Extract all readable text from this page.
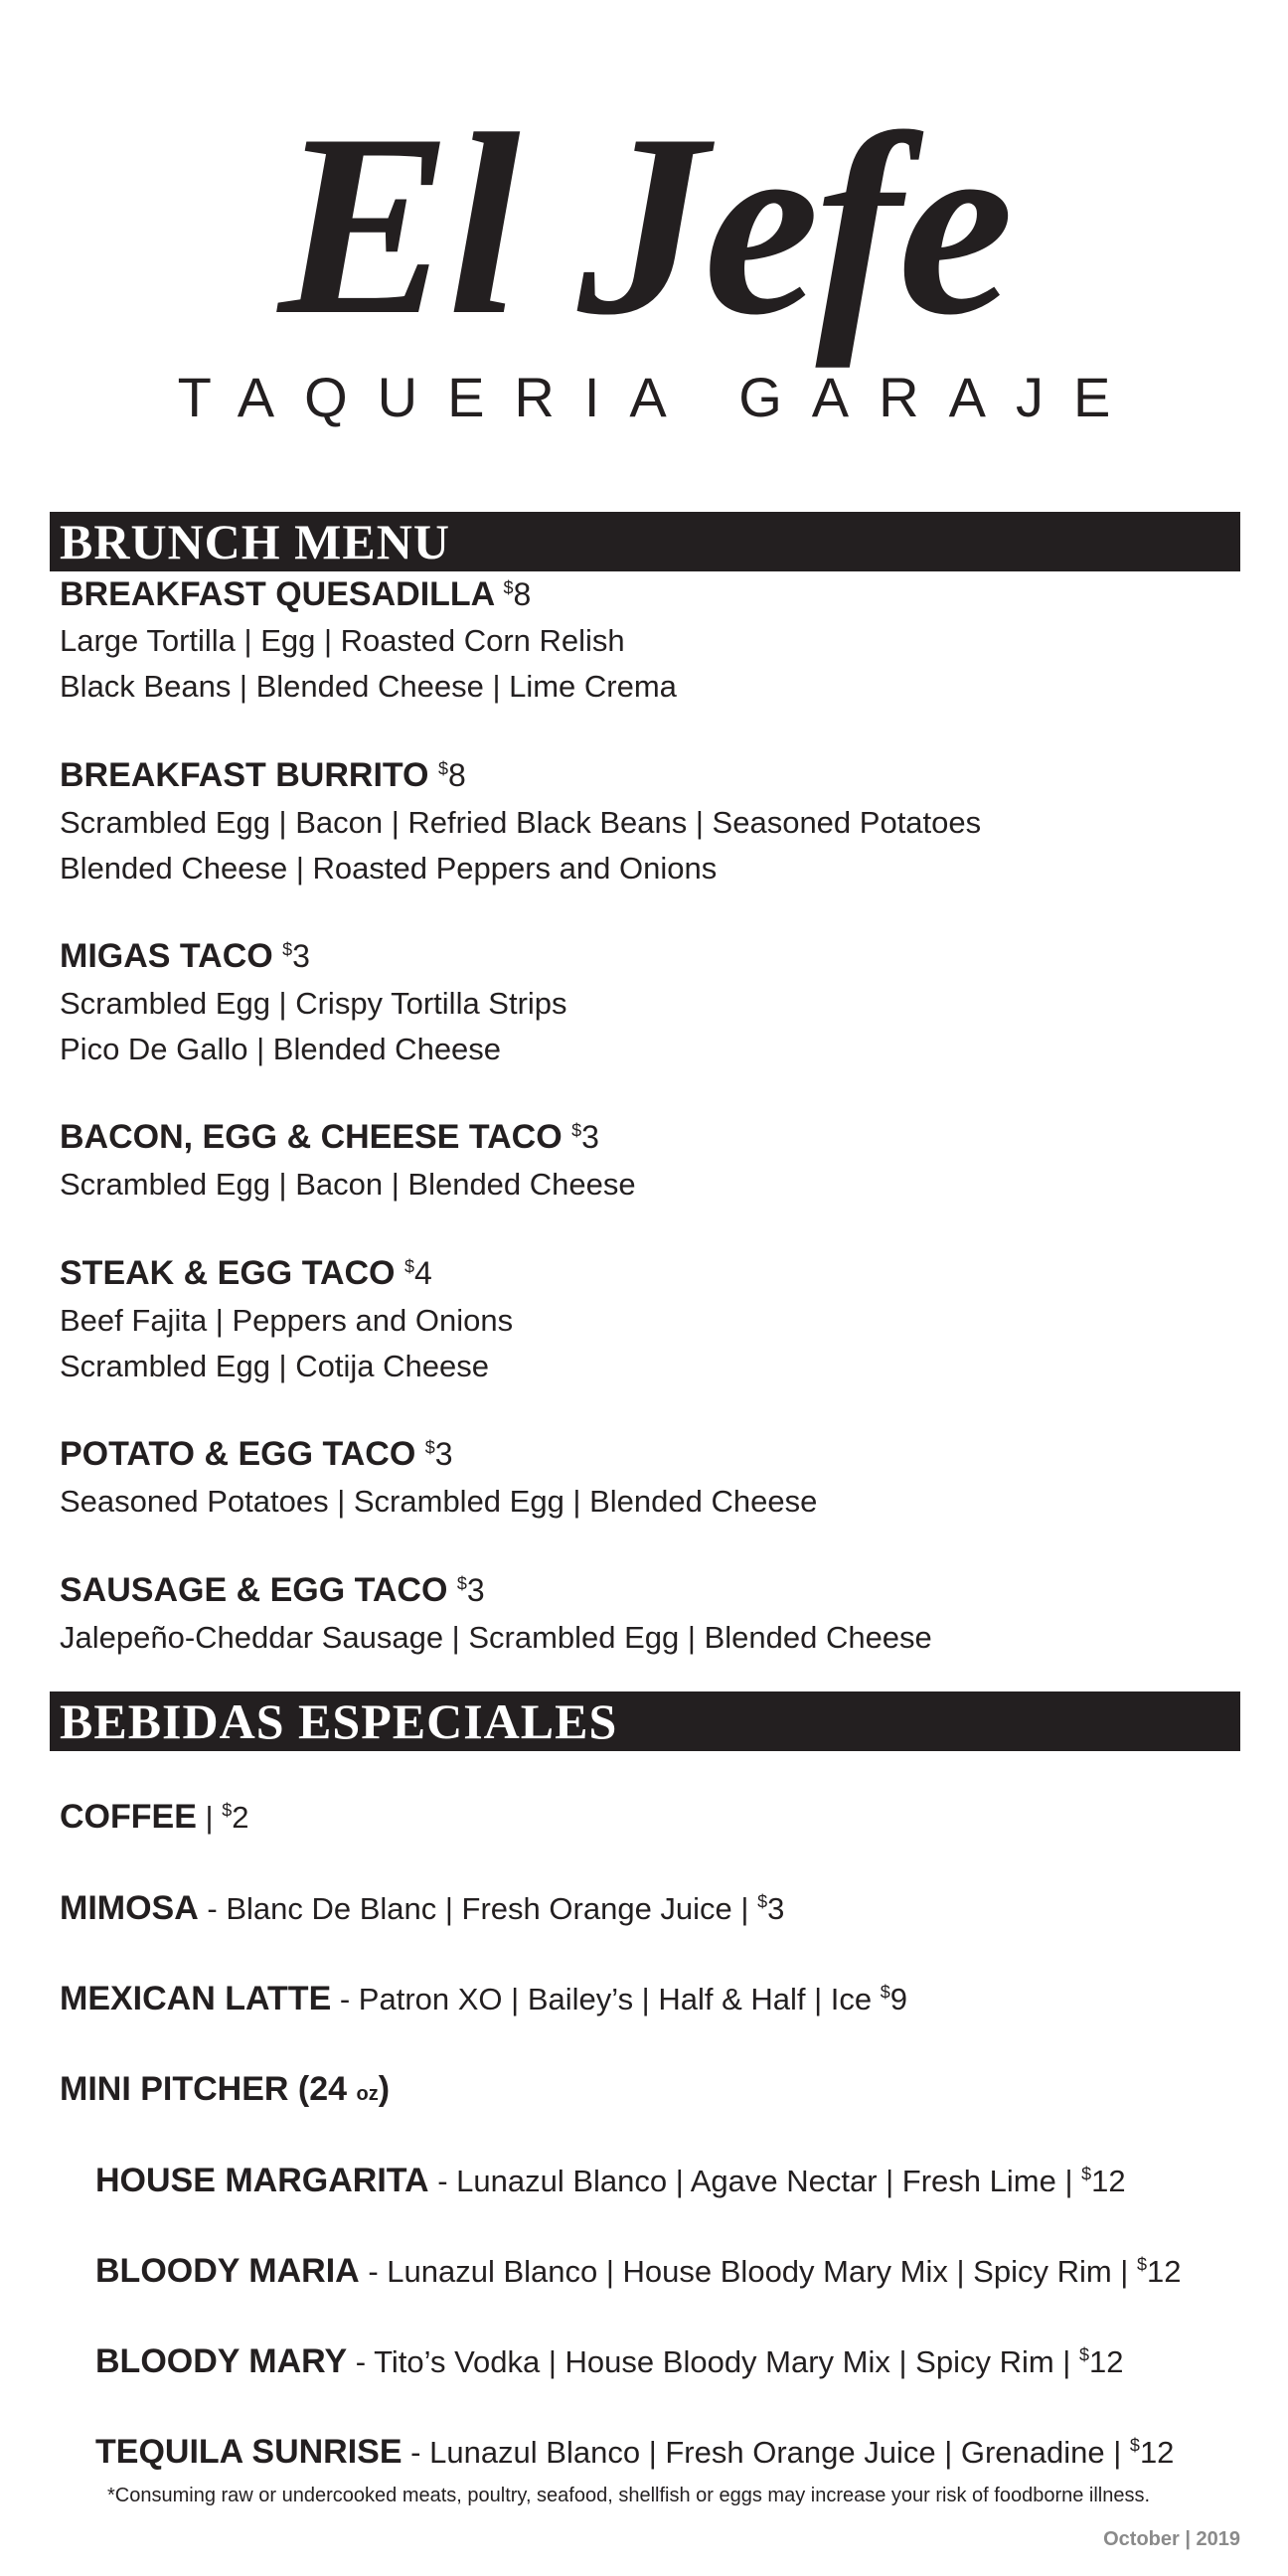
El Jefe
TAQUERIA GARAJE
BRUNCH MENU
BREAKFAST QUESADILLA $8
Large Tortilla | Egg | Roasted Corn Relish
Black Beans | Blended Cheese | Lime Crema
BREAKFAST BURRITO $8
Scrambled Egg | Bacon | Refried Black Beans | Seasoned Potatoes
Blended Cheese | Roasted Peppers and Onions
MIGAS TACO $3
Scrambled Egg | Crispy Tortilla Strips
Pico De Gallo | Blended Cheese
BACON, EGG & CHEESE TACO $3
Scrambled Egg | Bacon | Blended Cheese
STEAK & EGG TACO $4
Beef Fajita | Peppers and Onions
Scrambled Egg | Cotija Cheese
POTATO & EGG TACO $3
Seasoned Potatoes | Scrambled Egg | Blended Cheese
SAUSAGE & EGG TACO $3
Jalepeño-Cheddar Sausage | Scrambled Egg | Blended Cheese
BEBIDAS ESPECIALES
COFFEE | $2
MIMOSA - Blanc De Blanc | Fresh Orange Juice | $3
MEXICAN LATTE - Patron XO | Bailey’s | Half & Half | Ice $9
MINI PITCHER (24 oz)
HOUSE MARGARITA - Lunazul Blanco | Agave Nectar | Fresh Lime | $12
BLOODY MARIA - Lunazul Blanco | House Bloody Mary Mix | Spicy Rim | $12
BLOODY MARY - Tito’s Vodka | House Bloody Mary Mix | Spicy Rim | $12
TEQUILA SUNRISE - Lunazul Blanco | Fresh Orange Juice | Grenadine | $12
*Consuming raw or undercooked meats, poultry, seafood, shellfish or eggs may increase your risk of foodborne illness.
October | 2019
